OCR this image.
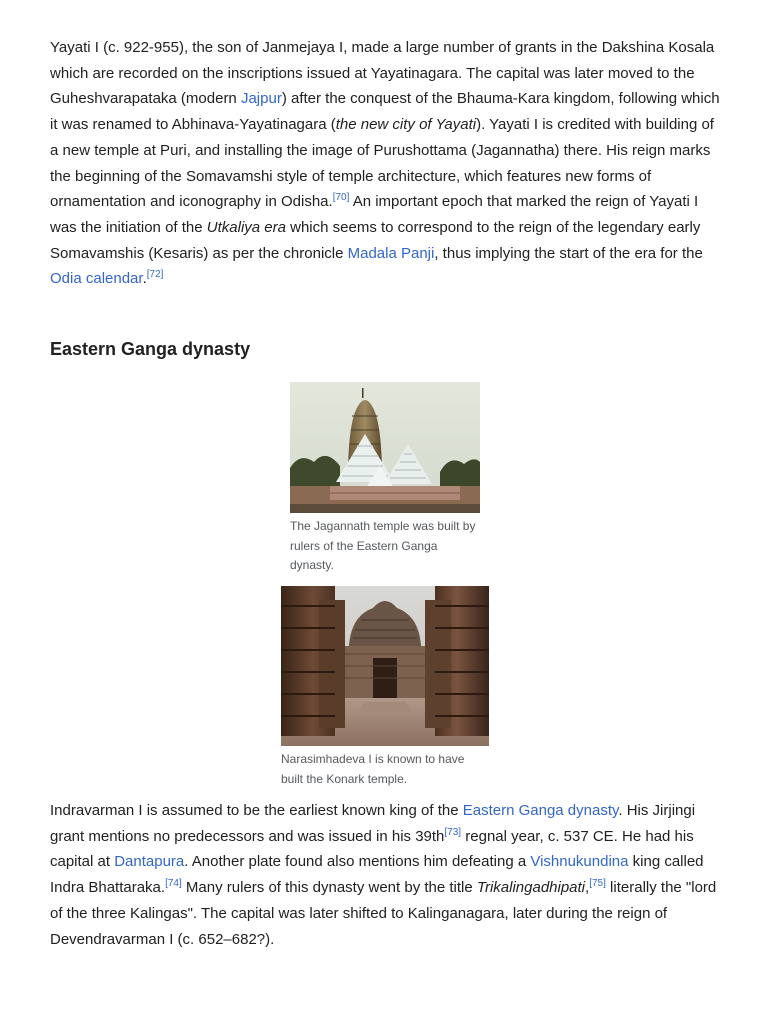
Yayati I (c. 922-955), the son of Janmejaya I, made a large number of grants in the Dakshina Kosala which are recorded on the inscriptions issued at Yayatinagara. The capital was later moved to the Guheshvarapataka (modern Jajpur) after the conquest of the Bhauma-Kara kingdom, following which it was renamed to Abhinava-Yayatinagara (the new city of Yayati). Yayati I is credited with building of a new temple at Puri, and installing the image of Purushottama (Jagannatha) there. His reign marks the beginning of the Somavamshi style of temple architecture, which features new forms of ornamentation and iconography in Odisha.[70] An important epoch that marked the reign of Yayati I was the initiation of the Utkaliya era which seems to correspond to the reign of the legendary early Somavamshis (Kesaris) as per the chronicle Madala Panji, thus implying the start of the era for the Odia calendar.[72]

Eastern Ganga dynasty
The Jagannath temple was built by rulers of the Eastern Ganga dynasty.
Narasimhadeva I is known to have built the Konark temple.

Indravarman I is assumed to be the earliest known king of the Eastern Ganga dynasty. His Jirjingi grant mentions no predecessors and was issued in his 39th[73] regnal year, c. 537 CE. He had his capital at Dantapura. Another plate found also mentions him defeating a Vishnukundina king called Indra Bhattaraka.[74] Many rulers of this dynasty went by the title Trikalingadhipati,[75] literally the "lord of the three Kalingas". The capital was later shifted to Kalinganagara, later during the reign of Devendravarman I (c. 652–682?).
